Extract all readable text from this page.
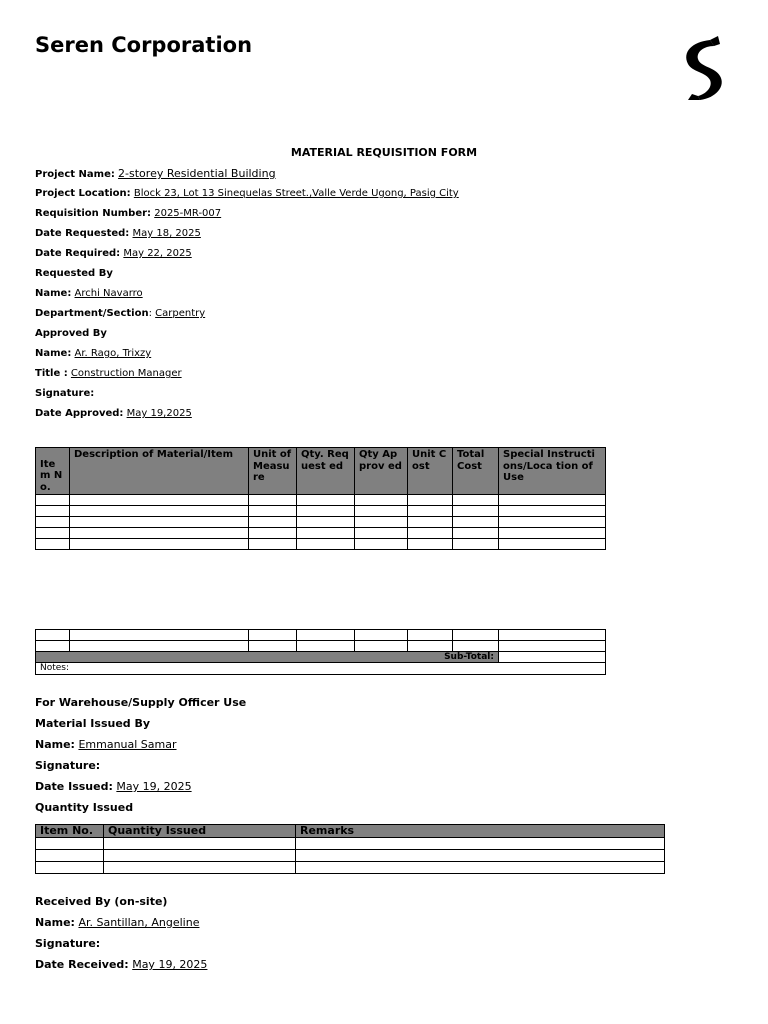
Seren Corporation
MATERIAL REQUISITION FORM
Project Name: 2-storey Residential Building
Project Location: Block 23, Lot 13 Sinequelas Street.,Valle Verde Ugong, Pasig City
Requisition Number: 2025-MR-007
Date Requested: May 18, 2025
Date Required: May 22, 2025
Requested By
Name: Archi Navarro
Department/Section: Carpentry
Approved By
Name: Ar. Rago, Trixzy
Title : Construction Manager
Signature:
Date Approved: May 19,2025
Ite m No.	Description of Material/Item	Unit of Measu re	Qty. Request ed	Qty Approv ed	Unit Cost	Total Cost	Special Instructions/Loca tion of Use

Sub-Total:							
Notes:							
For Warehouse/Supply Officer Use
Material Issued By
Name: Emmanual Samar
Signature:
Date Issued: May 19, 2025
Quantity Issued
Item No.	Quantity Issued	Remarks

Received By (on-site)
Name: Ar. Santillan, Angeline
Signature:
Date Received: May 19, 2025
